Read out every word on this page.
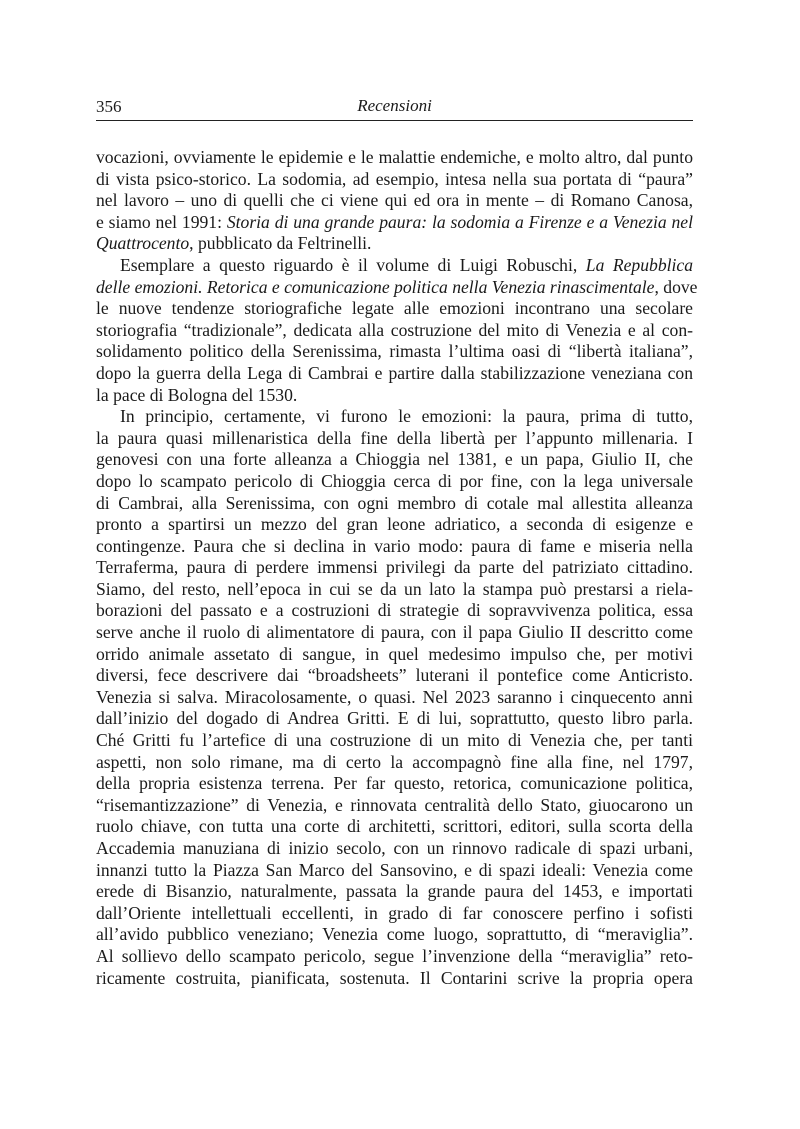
356	Recensioni
vocazioni, ovviamente le epidemie e le malattie endemiche, e molto altro, dal punto
di vista psico-storico. La sodomia, ad esempio, intesa nella sua portata di “paura”
nel lavoro – uno di quelli che ci viene qui ed ora in mente – di Romano Canosa,
e siamo nel 1991: Storia di una grande paura: la sodomia a Firenze e a Venezia nel
Quattrocento, pubblicato da Feltrinelli.
Esemplare a questo riguardo è il volume di Luigi Robuschi, La Repubblica
delle emozioni. Retorica e comunicazione politica nella Venezia rinascimentale, dove
le nuove tendenze storiografiche legate alle emozioni incontrano una secolare
storiografia “tradizionale”, dedicata alla costruzione del mito di Venezia e al con-
solidamento politico della Serenissima, rimasta l’ultima oasi di “libertà italiana”,
dopo la guerra della Lega di Cambrai e partire dalla stabilizzazione veneziana con
la pace di Bologna del 1530.
In principio, certamente, vi furono le emozioni: la paura, prima di tutto,
la paura quasi millenaristica della fine della libertà per l’appunto millenaria. I
genovesi con una forte alleanza a Chioggia nel 1381, e un papa, Giulio II, che
dopo lo scampato pericolo di Chioggia cerca di por fine, con la lega universale
di Cambrai, alla Serenissima, con ogni membro di cotale mal allestita alleanza
pronto a spartirsi un mezzo del gran leone adriatico, a seconda di esigenze e
contingenze. Paura che si declina in vario modo: paura di fame e miseria nella
Terraferma, paura di perdere immensi privilegi da parte del patriziato cittadino.
Siamo, del resto, nell’epoca in cui se da un lato la stampa può prestarsi a riela-
borazioni del passato e a costruzioni di strategie di sopravvivenza politica, essa
serve anche il ruolo di alimentatore di paura, con il papa Giulio II descritto come
orrido animale assetato di sangue, in quel medesimo impulso che, per motivi
diversi, fece descrivere dai “broadsheets” luterani il pontefice come Anticristo.
Venezia si salva. Miracolosamente, o quasi. Nel 2023 saranno i cinquecento anni
dall’inizio del dogado di Andrea Gritti. E di lui, soprattutto, questo libro parla.
Ché Gritti fu l’artefice di una costruzione di un mito di Venezia che, per tanti
aspetti, non solo rimane, ma di certo la accompagnò fine alla fine, nel 1797,
della propria esistenza terrena. Per far questo, retorica, comunicazione politica,
“risemantizzazione” di Venezia, e rinnovata centralità dello Stato, giuocarono un
ruolo chiave, con tutta una corte di architetti, scrittori, editori, sulla scorta della
Accademia manuziana di inizio secolo, con un rinnovo radicale di spazi urbani,
innanzi tutto la Piazza San Marco del Sansovino, e di spazi ideali: Venezia come
erede di Bisanzio, naturalmente, passata la grande paura del 1453, e importati
dall’Oriente intellettuali eccellenti, in grado di far conoscere perfino i sofisti
all’avido pubblico veneziano; Venezia come luogo, soprattutto, di “meraviglia”.
Al sollievo dello scampato pericolo, segue l’invenzione della “meraviglia” reto-
ricamente costruita, pianificata, sostenuta. Il Contarini scrive la propria opera
